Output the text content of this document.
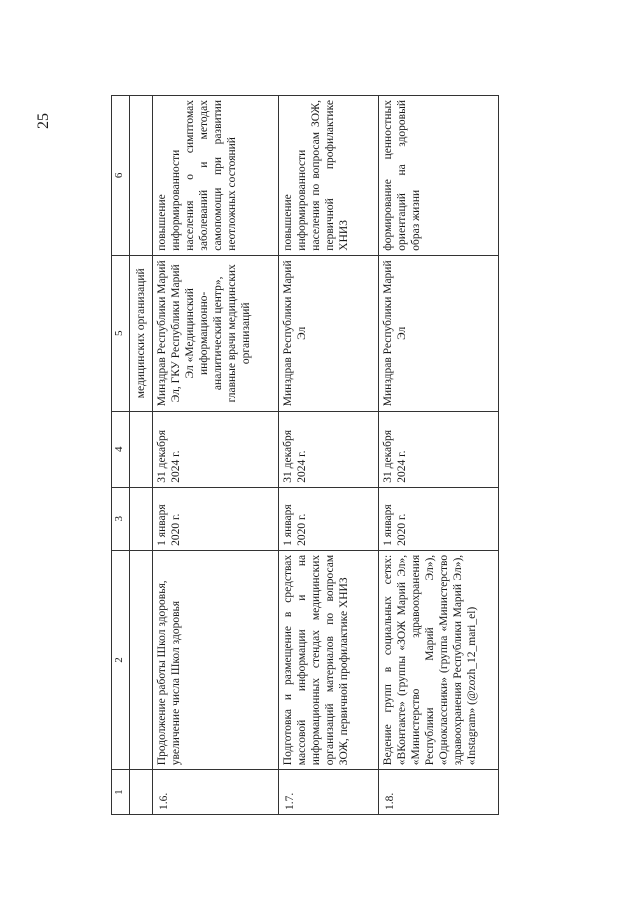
25
1	2	3	4	5	6
				медицинских организаций	
1.6.	Продолжение работы Школ здоровья, увеличение числа Школ здоровья	1 января 2020 г.	31 декабря 2024 г.	Минздрав Республики Марий Эл, ГКУ Республики Марий Эл «Медицинский информационно-аналитический центр», главные врачи медицинских организаций	повышение информированности населения о симптомах заболеваний и методах самопомощи при развитии неотложных состояний
1.7.	Подготовка и размещение в средствах массовой информации и на информационных стендах медицинских организаций материалов по вопросам ЗОЖ, первичной профилактике ХНИЗ	1 января 2020 г.	31 декабря 2024 г.	Минздрав Республики Марий Эл	повышение информированности населения по вопросам ЗОЖ, первичной профилактике ХНИЗ
1.8.	Ведение групп в социальных сетях: «ВКонтакте» (группы «ЗОЖ Марий Эл», «Министерство здравоохранения Республики Марий Эл»), «Одноклассники» (группа «Министерство здравоохранения Республики Марий Эл»), «Instagram» (@zozh_12_mari_el)	1 января 2020 г.	31 декабря 2024 г.	Минздрав Республики Марий Эл	формирование ценностных ориентаций на здоровый образ жизни
